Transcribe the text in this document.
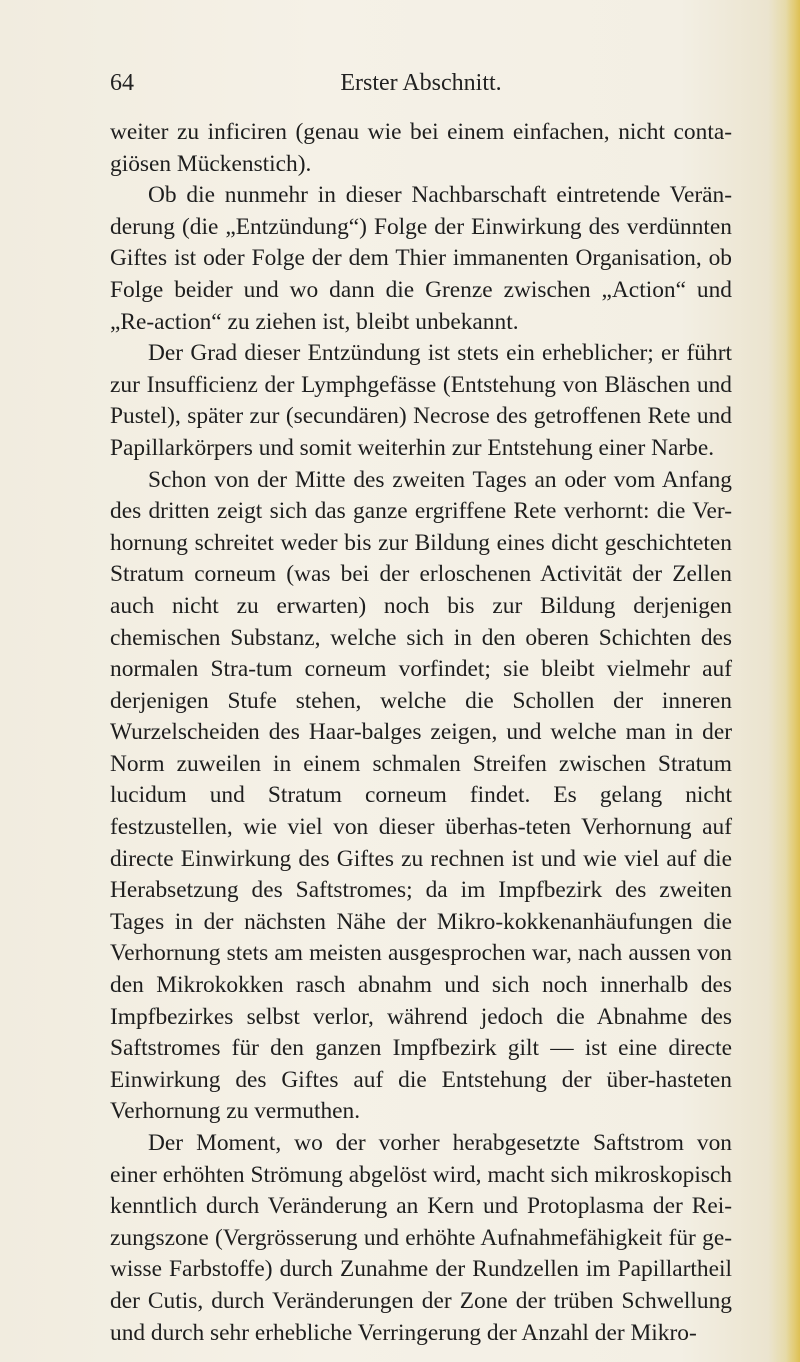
64	Erster Abschnitt.

weiter zu inficiren (genau wie bei einem einfachen, nicht conta-giösen Mückenstich).

Ob die nunmehr in dieser Nachbarschaft eintretende Verän-derung (die „Entzündung“) Folge der Einwirkung des verdünnten Giftes ist oder Folge der dem Thier immanenten Organisation, ob Folge beider und wo dann die Grenze zwischen „Action“ und „Re-action“ zu ziehen ist, bleibt unbekannt.

Der Grad dieser Entzündung ist stets ein erheblicher; er führt zur Insufficienz der Lymphgefässe (Entstehung von Bläschen und Pustel), später zur (secundären) Necrose des getroffenen Rete und Papillarkörpers und somit weiterhin zur Entstehung einer Narbe.

Schon von der Mitte des zweiten Tages an oder vom Anfang des dritten zeigt sich das ganze ergriffene Rete verhornt: die Ver-hornung schreitet weder bis zur Bildung eines dicht geschichteten Stratum corneum (was bei der erloschenen Activität der Zellen auch nicht zu erwarten) noch bis zur Bildung derjenigen chemischen Substanz, welche sich in den oberen Schichten des normalen Stra-tum corneum vorfindet; sie bleibt vielmehr auf derjenigen Stufe stehen, welche die Schollen der inneren Wurzelscheiden des Haar-balges zeigen, und welche man in der Norm zuweilen in einem schmalen Streifen zwischen Stratum lucidum und Stratum corneum findet. Es gelang nicht festzustellen, wie viel von dieser überhas-teten Verhornung auf directe Einwirkung des Giftes zu rechnen ist und wie viel auf die Herabsetzung des Saftstromes; da im Impfbezirk des zweiten Tages in der nächsten Nähe der Mikro-kokkenanhäufungen die Verhornung stets am meisten ausgesprochen war, nach aussen von den Mikrokokken rasch abnahm und sich noch innerhalb des Impfbezirkes selbst verlor, während jedoch die Abnahme des Saftstromes für den ganzen Impfbezirk gilt — ist eine directe Einwirkung des Giftes auf die Entstehung der über-hasteten Verhornung zu vermuthen.

Der Moment, wo der vorher herabgesetzte Saftstrom von einer erhöhten Strömung abgelöst wird, macht sich mikroskopisch kenntlich durch Veränderung an Kern und Protoplasma der Rei-zungszone (Vergrösserung und erhöhte Aufnahmefähigkeit für ge-wisse Farbstoffe) durch Zunahme der Rundzellen im Papillartheil der Cutis, durch Veränderungen der Zone der trüben Schwellung und durch sehr erhebliche Verringerung der Anzahl der Mikro-
